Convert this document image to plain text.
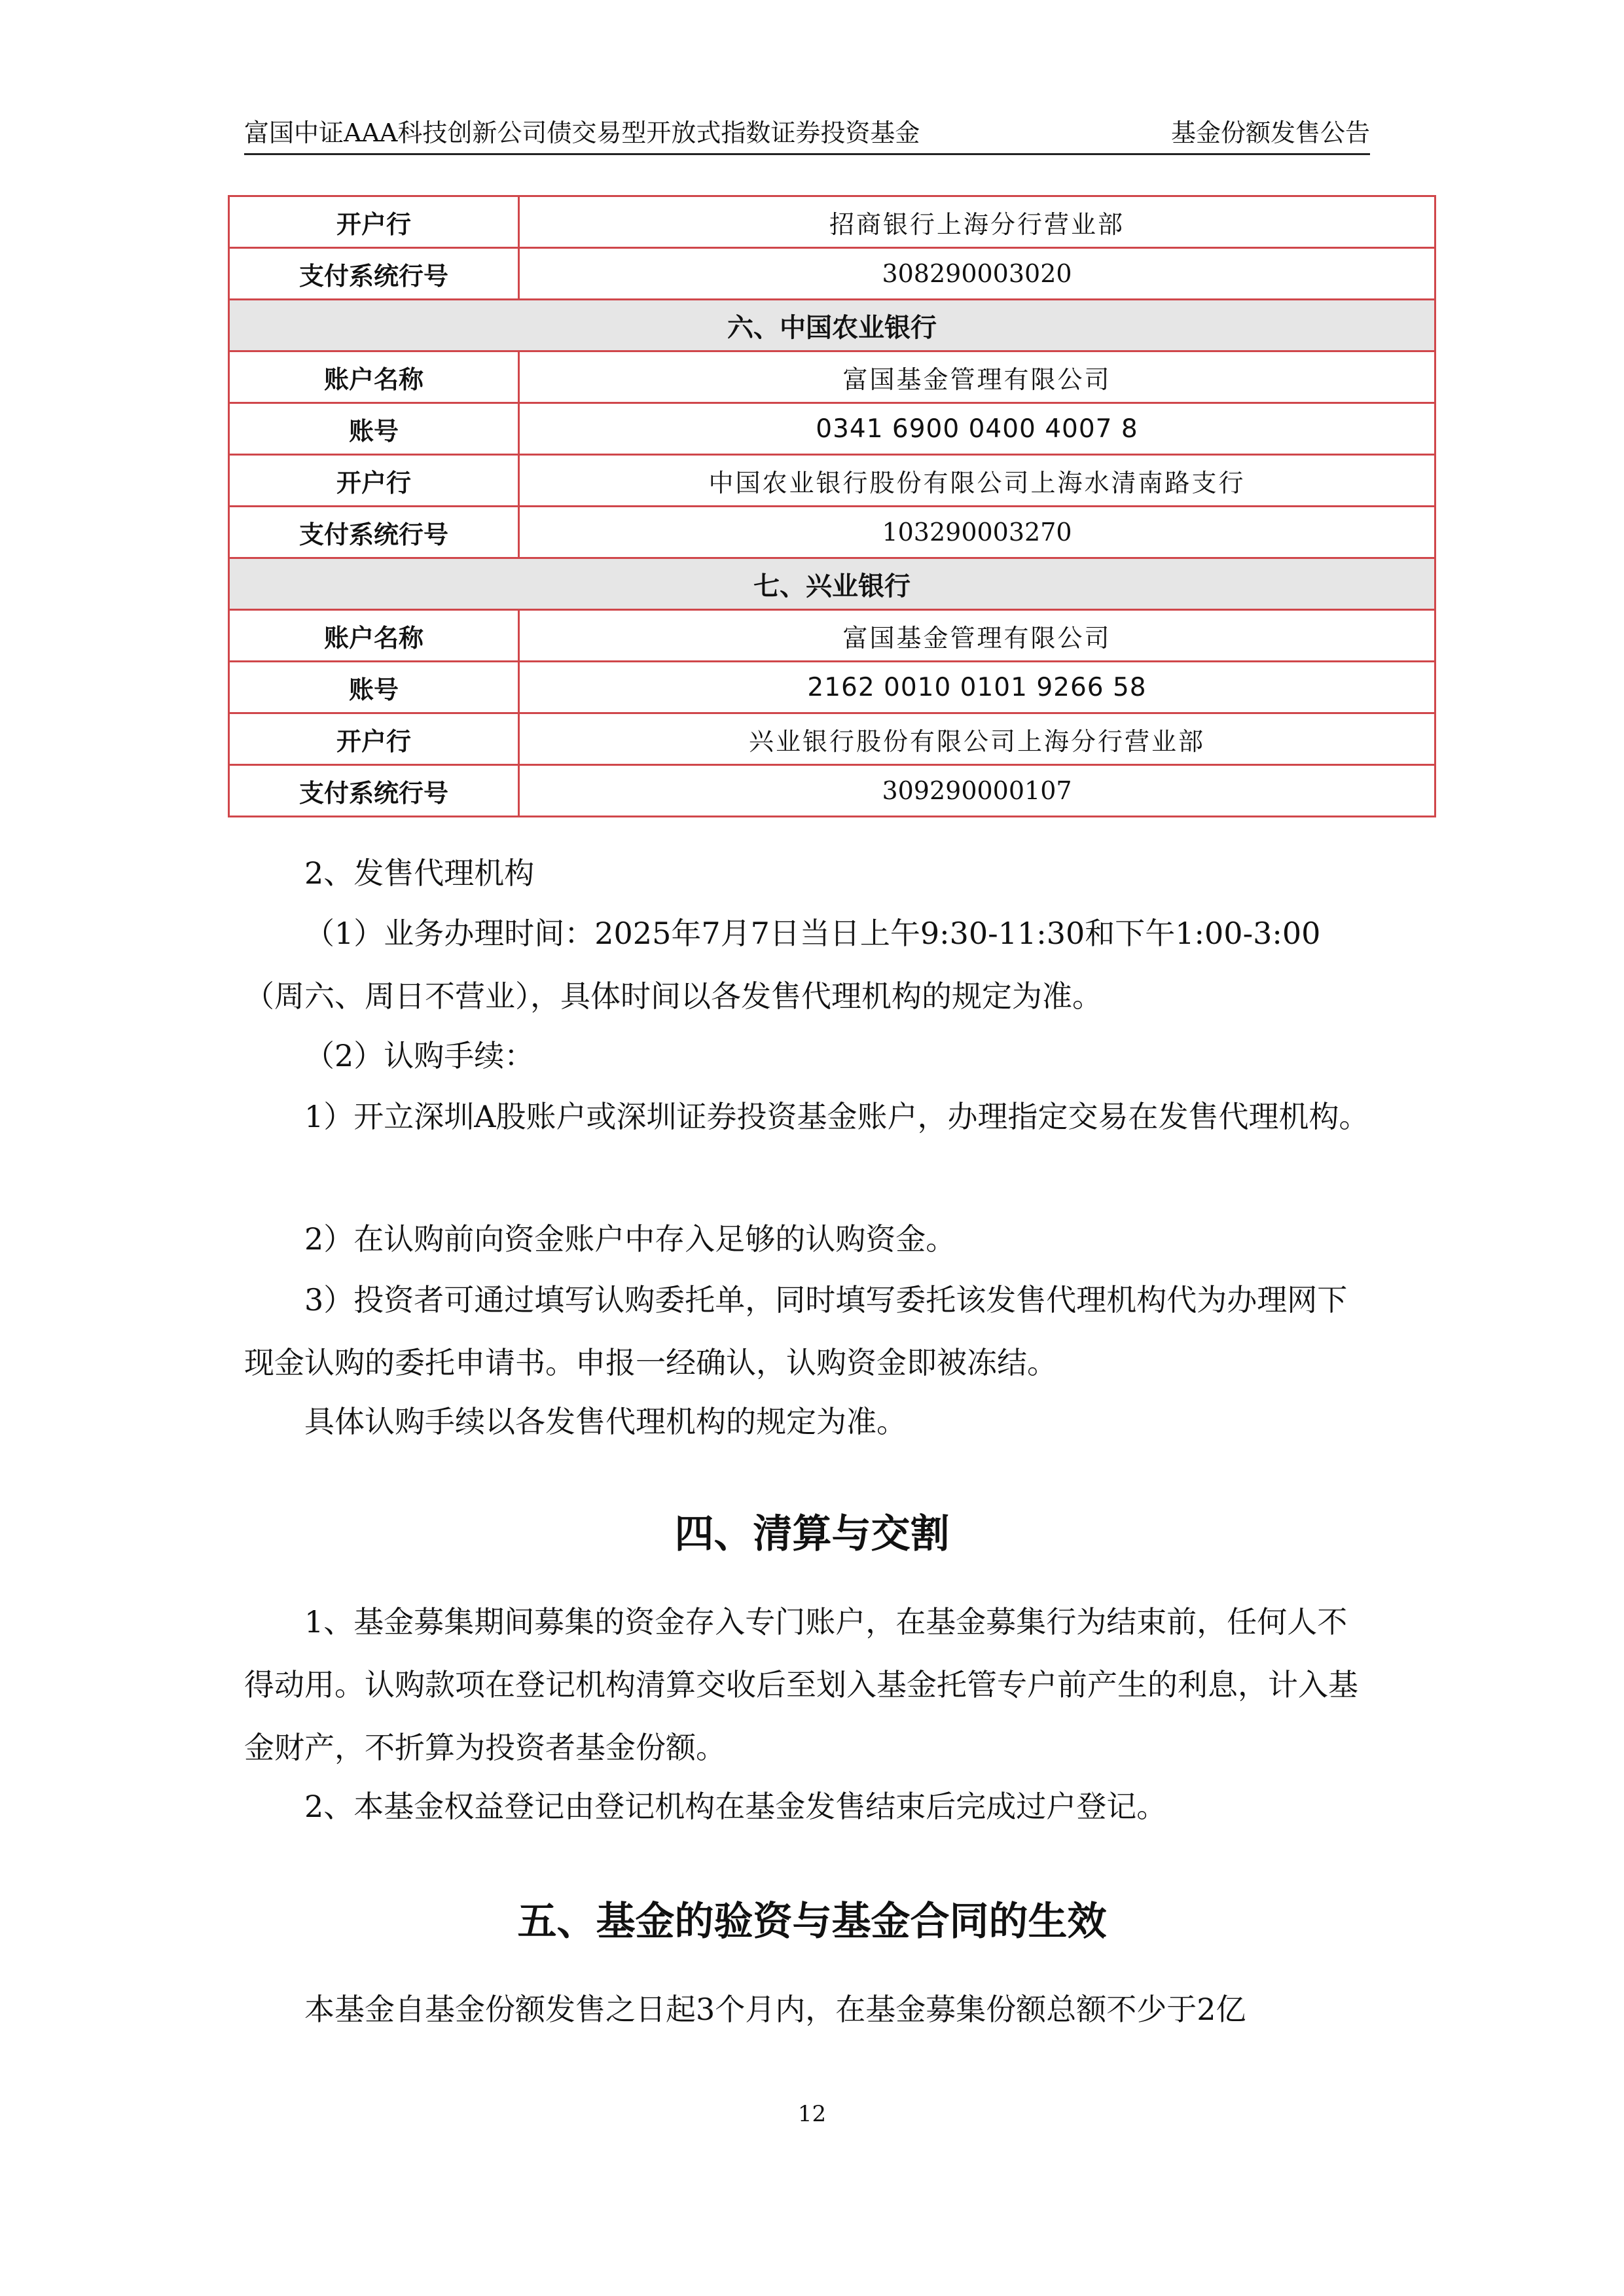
富国中证AAA科技创新公司债交易型开放式指数证券投资基金	基金份额发售公告
开户行	招商银行上海分行营业部
支付系统行号	308290003020
六、中国农业银行	
账户名称	富国基金管理有限公司
账号	0341 6900 0400 4007 8
开户行	中国农业银行股份有限公司上海水清南路支行
支付系统行号	103290003270
七、兴业银行	
账户名称	富国基金管理有限公司
账号	2162 0010 0101 9266 58
开户行	兴业银行股份有限公司上海分行营业部
支付系统行号	309290000107

2、发售代理机构

（1）业务办理时间：2025年7月7日当日上午9:30-11:30和下午1:00-3:00（周六、周日不营业），具体时间以各发售代理机构的规定为准。

（2）认购手续：

1）开立深圳A股账户或深圳证券投资基金账户，办理指定交易在发售代理机构。

2）在认购前向资金账户中存入足够的认购资金。

3）投资者可通过填写认购委托单，同时填写委托该发售代理机构代为办理网下现金认购的委托申请书。申报一经确认，认购资金即被冻结。

具体认购手续以各发售代理机构的规定为准。

四、清算与交割

1、基金募集期间募集的资金存入专门账户，在基金募集行为结束前，任何人不得动用。认购款项在登记机构清算交收后至划入基金托管专户前产生的利息，计入基金财产，不折算为投资者基金份额。

2、本基金权益登记由登记机构在基金发售结束后完成过户登记。

五、基金的验资与基金合同的生效

本基金自基金份额发售之日起3个月内，在基金募集份额总额不少于2亿

12
